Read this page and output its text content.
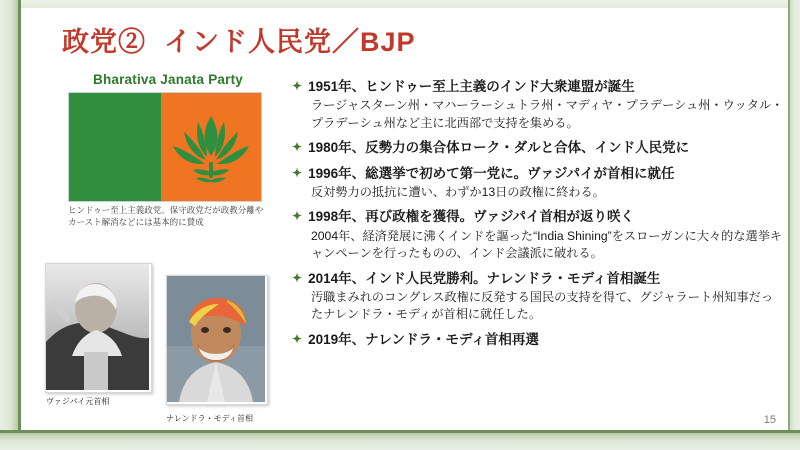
政党② インド人民党／BJP
Bharativa Janata Party
ヒンドゥー至上主義政党。保守政党だが政教分離やカースト解消などには基本的に賛成
ヴァジパイ元首相
ナレンドラ・モディ首相
✦ 1951年、ヒンドゥー至上主義のインド大衆連盟が誕生
ラージャスターン州・マハーラーシュトラ州・マディヤ・プラデーシュ州・ウッタル・プラデーシュ州など主に北西部で支持を集める。
✦ 1980年、反勢力の集合体ローク・ダルと合体、インド人民党に
✦ 1996年、総選挙で初めて第一党に。ヴァジパイが首相に就任
反対勢力の抵抗に遭い、わずか13日の政権に終わる。
✦ 1998年、再び政権を獲得。ヴァジパイ首相が返り咲く
2004年、経済発展に沸くインドを謳った“India Shining”をスローガンに大々的な選挙キャンペーンを行ったものの、インド会議派に破れる。
✦ 2014年、インド人民党勝利。ナレンドラ・モディ首相誕生
汚職まみれのコングレス政権に反発する国民の支持を得て、グジャラート州知事だったナレンドラ・モディが首相に就任した。
✦ 2019年、ナレンドラ・モディ首相再選
15
